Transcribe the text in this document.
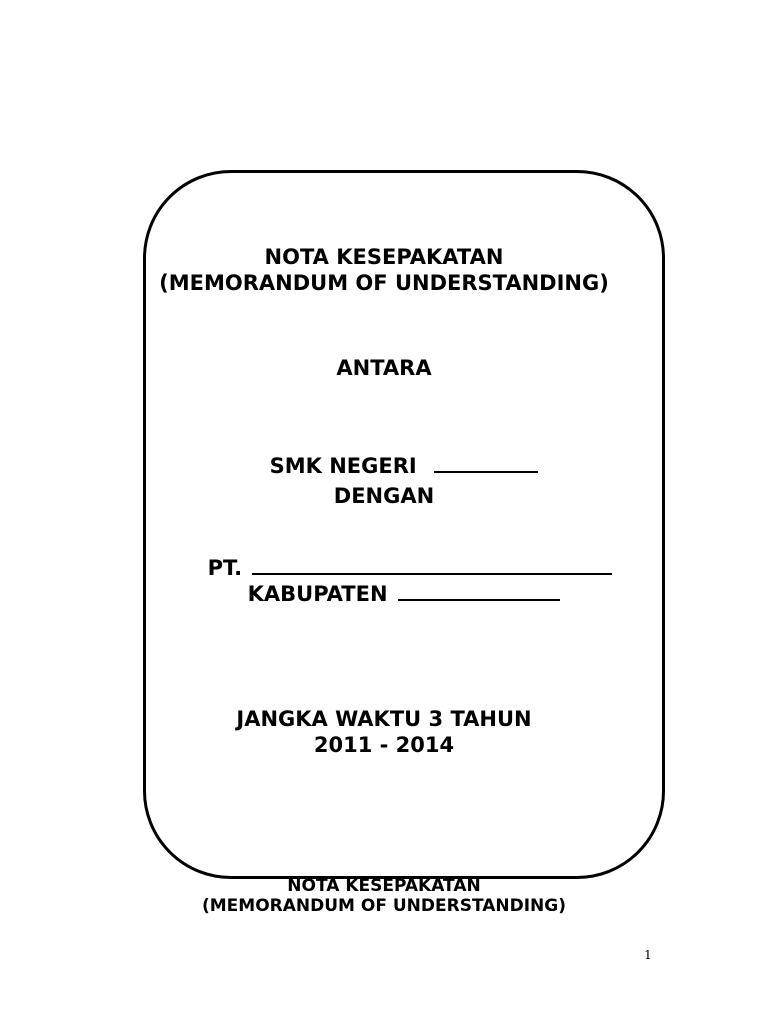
NOTA KESEPAKATAN
(MEMORANDUM OF UNDERSTANDING)
ANTARA

SMK NEGERI

DENGAN

PT.

KABUPATEN

JANGKA WAKTU 3 TAHUN
2011 - 2014
NOTA KESEPAKATAN
(MEMORANDUM OF UNDERSTANDING)
1
